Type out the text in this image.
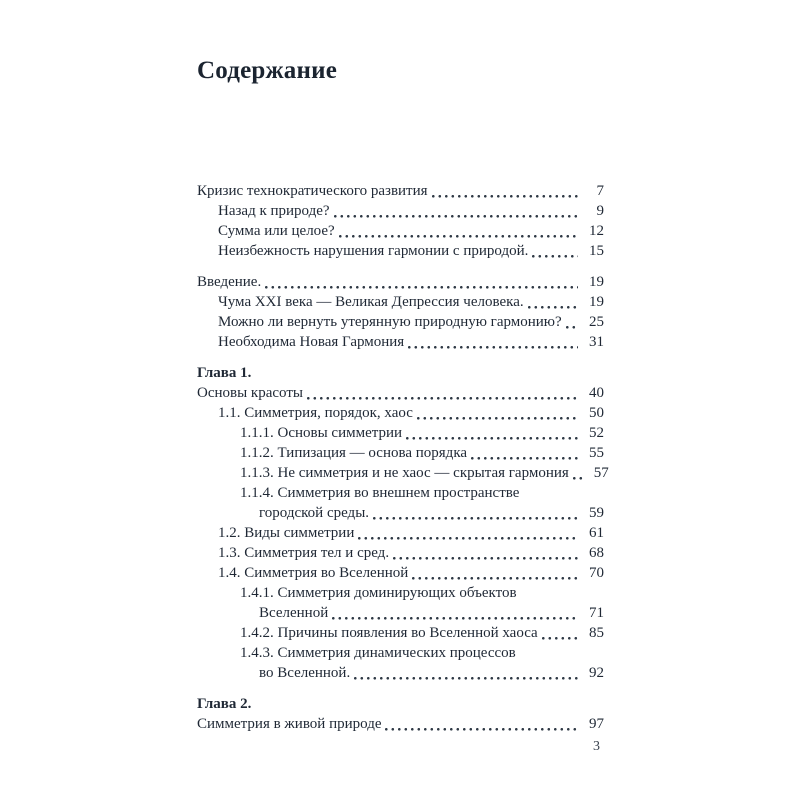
Содержание
Кризис технократического развития	7
Назад к природе?	9
Сумма или целое?	12
Неизбежность нарушения гармонии с природой.	15
Введение.	19
Чума XXI века — Великая Депрессия человека.	19
Можно ли вернуть утерянную природную гармонию?	25
Необходима Новая Гармония	31
Глава 1.
Основы красоты	40
1.1. Симметрия, порядок, хаос	50
1.1.1. Основы симметрии	52
1.1.2. Типизация — основа порядка	55
1.1.3. Не симметрия и не хаос — скрытая гармония	57
1.1.4. Симметрия во внешнем пространстве
городской среды.	59
1.2. Виды симметрии	61
1.3. Симметрия тел и сред.	68
1.4. Симметрия во Вселенной	70
1.4.1. Симметрия доминирующих объектов
Вселенной	71
1.4.2. Причины появления во Вселенной хаоса	85
1.4.3. Симметрия динамических процессов
во Вселенной.	92
Глава 2.
Симметрия в живой природе	97
3
